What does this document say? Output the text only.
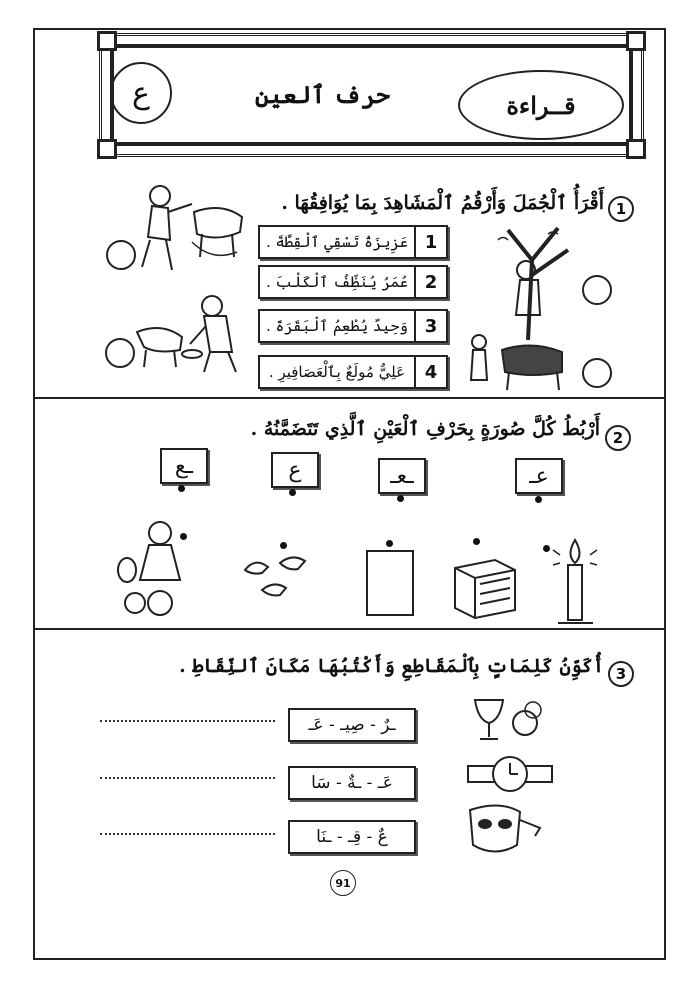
ع	حرف ٱلعين	قــراءة
1
أَقْرَأُ ٱلْجُمَلَ وَأَرْقُمُ ٱلْمَشَاهِدَ بِمَا يُوَافِقُهَا .
عَزِيزَةُ تَسْقِي ٱلْقِطَّةَ . 1
عُمَرُ يُنَظِّفُ ٱلْكَلْبَ . 2
وَحِيدٌ يُطْعِمُ ٱلْبَقَرَةَ . 3
عَلِيٌّ مُولَعٌ بِٱلْعَصَافِيرِ .	4
2
أَرْبُطُ كُلَّ صُورَةٍ بِحَرْفِ ٱلْعَيْنِ ٱلَّذِي تَتَضَمَّنُهُ .
ـع	ع	ـعـ	عـ
3
أُكَوِّنُ كَلِمَاتٍ بِٱلْمَقَاطِعِ وَأَكْتُبُهَا مَكَانَ ٱلنِّقَاطِ .
ـرٌ - صِيـ - عَـ
عَـ - ـةٌ - سَا
عٌ - قِـ - ـنَا
91
